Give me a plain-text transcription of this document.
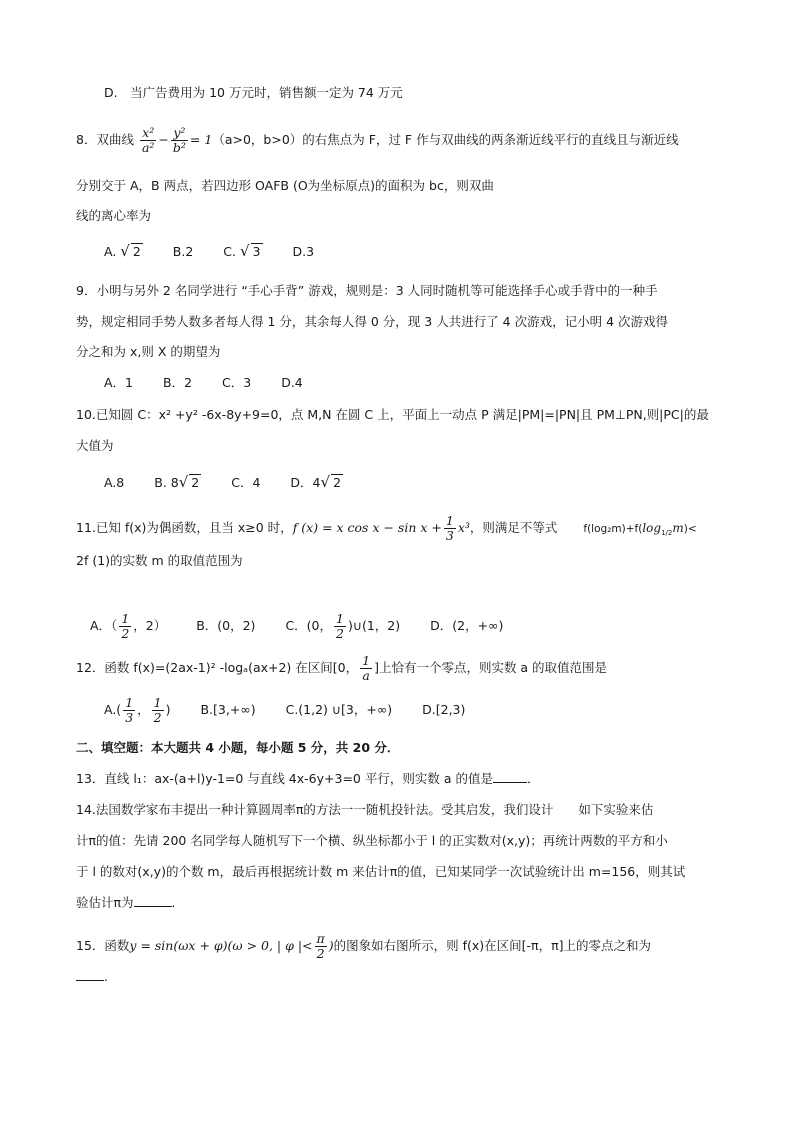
D.　当广告费用为 10 万元时，销售额一定为 74 万元
8．双曲线 $\frac{\text{x²}}{\text{a²}} - \frac{\text{y²}}{\text{b²}} = 1(a>0$，b>0）的右焦点为 F，过 F 作与双曲线的两条渐近线平行的直线且与渐近线
分别交于 A，B 两点，若四边形 OAFB (O为坐标原点)的面积为 bc，则双曲
线的离心率为
A. √ 2	B.2 C. √ 3	D.3
9．小明与另外 2 名同学进行 “手心手背” 游戏，规则是：3 人同时随机等可能选择手心或手背中的一种手
势，规定相同手势人数多者每人得 1 分，其余每人得 0 分，现 3 人共进行了 4 次游戏，记小明 4 次游戏得
分之和为 x,则 X 的期望为
A．1 B．2 C．3 D.4
10.已知圆 C：x² +y² -6x-8y+9=0，点 M,N 在圆 C 上，平面上一动点 P 满足|PM|=|PN|且 PM⊥PN,则|PC|的最
大值为
A.8 B. 8√ 2	C．4 D．4√ 2
11.已知 f(x)为偶函数，且当 x≥0 时，f (x) = x $\cos x - \sin x + \frac{1}{3} x^3$，则满足不等式 $f(\log_2m)+f(\log_{1/2}m)<$
2f (1)的实数 m 的取值范围为
A．（ $\frac{1}{2}$ ，2） B．(0，2) C．(0， $\frac{1}{2}$ )∪(1，2) D．(2，+∞)
12．函数 f(x)=(2ax-1)² -logₐ(ax+2) 在区间[0， $\frac{1}{a}$ ]上恰有一个零点，则实数 a 的取值范围是
$A.( \frac{1}{3}$ ， $\frac{1}{2}$ ) B.[3,+∞) C.(1,2) ∪[3，+∞) D.[2,3)
二、填空题：本大题共 4 小题，每小题 5 分，共 20 分．
13．直线 l₁：ax-(a+l)y-1=0 与直线 4x-6y+3=0 平行，则实数 a 的值是	．
14.法国数学家布丰提出一种计算圆周率π的方法一一随机投针法。受其启发，我们设计　　如下实验来估
计π的值：先请 200 名同学每人随机写下一个横、纵坐标都小于 l 的正实数对(x,y)；再统计两数的平方和小
于 l 的数对(x,y)的个数 m，最后再根据统计数 m 来估计π的值，已知某同学一次试验统计出 m=156，则其试
验估计π为	.
15．函数y = sin(ωx + φ)(ω > 0, | φ |< $\frac{\pi}{2}$ )的图象如右图所示，则 f(x)在区间[-π，π]上的零点之和为
.
